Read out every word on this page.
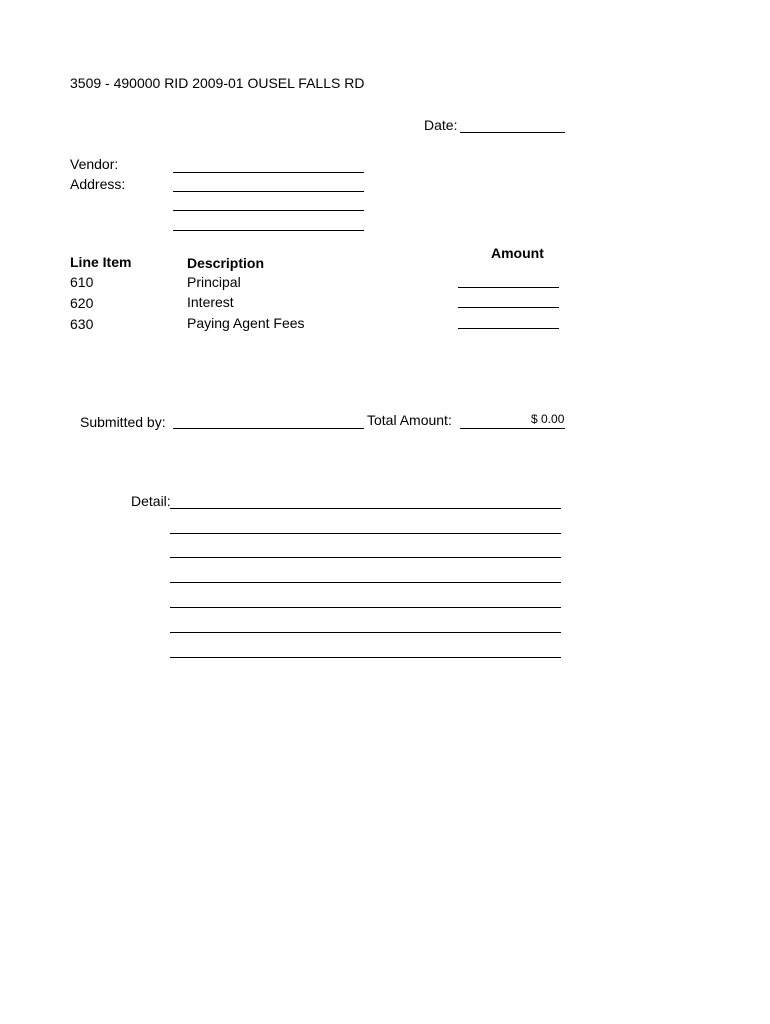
3509 - 490000 RID 2009-01 OUSEL FALLS RD
Date:
Vendor:
Address:
Line Item	Description
Amount
610	Principal
620	Interest
630	Paying Agent Fees
Submitted by:	Total Amount:	$ 0.00
Detail:
